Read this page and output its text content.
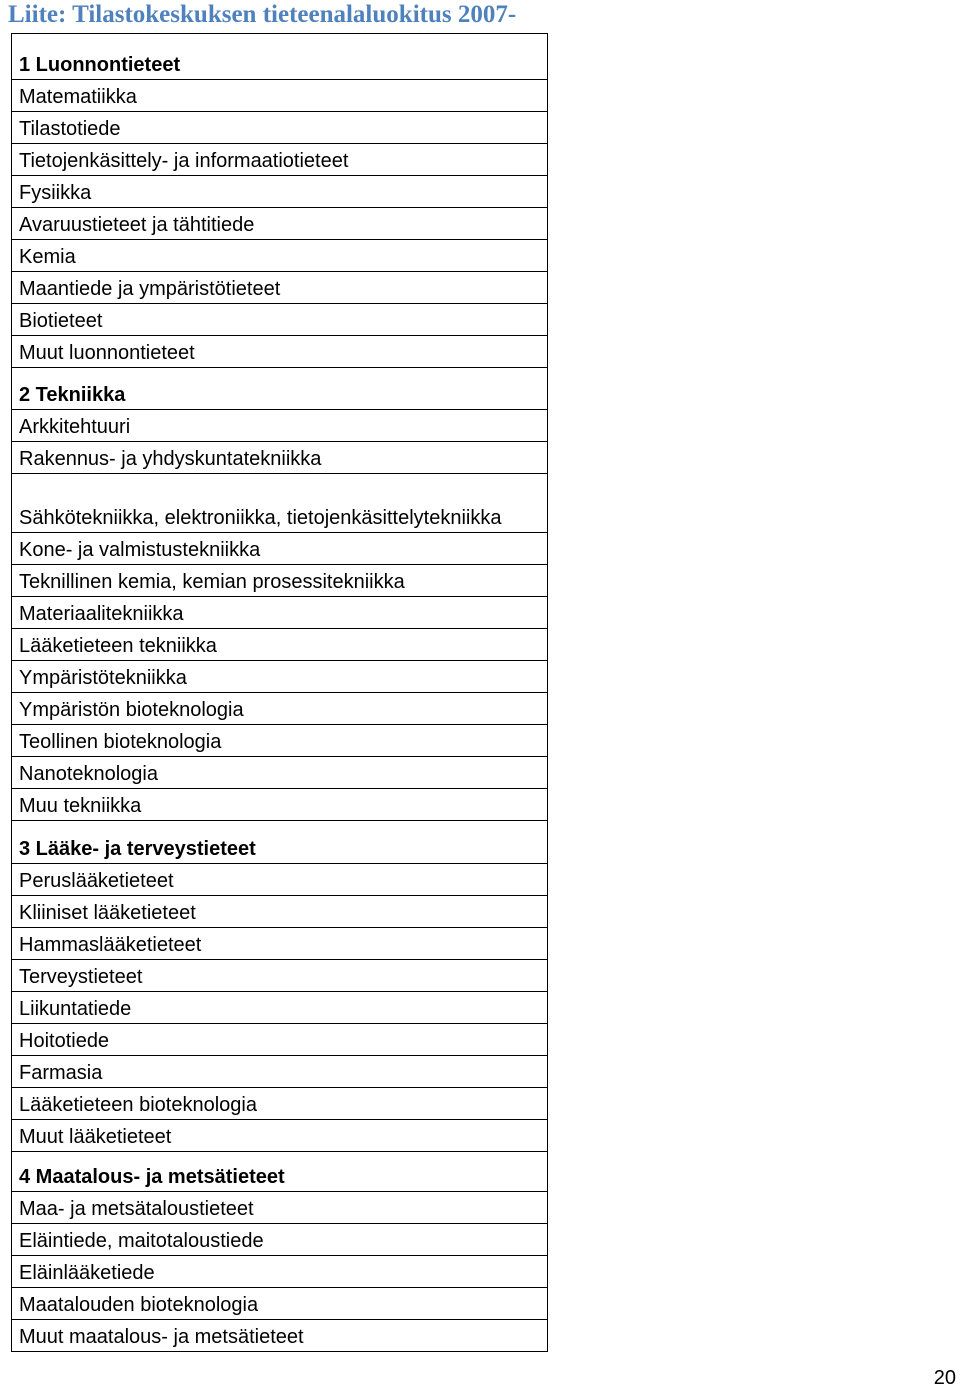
Liite: Tilastokeskuksen tieteenalaluokitus 2007-
1 Luonnontieteet
Matematiikka
Tilastotiede
Tietojenkäsittely- ja informaatiotieteet
Fysiikka
Avaruustieteet ja tähtitiede
Kemia
Maantiede ja ympäristötieteet
Biotieteet
Muut luonnontieteet
2 Tekniikka
Arkkitehtuuri
Rakennus- ja yhdyskuntatekniikka
Sähkötekniikka, elektroniikka, tietojenkäsittelytekniikka
Kone- ja valmistustekniikka
Teknillinen kemia, kemian prosessitekniikka
Materiaalitekniikka
Lääketieteen tekniikka
Ympäristötekniikka
Ympäristön bioteknologia
Teollinen bioteknologia
Nanoteknologia
Muu tekniikka
3 Lääke- ja terveystieteet
Peruslääketieteet
Kliiniset lääketieteet
Hammaslääketieteet
Terveystieteet
Liikuntatiede
Hoitotiede
Farmasia
Lääketieteen bioteknologia
Muut lääketieteet
4 Maatalous- ja metsätieteet
Maa- ja metsätaloustieteet
Eläintiede, maitotaloustiede
Eläinlääketiede
Maatalouden bioteknologia
Muut maatalous- ja metsätieteet
20
